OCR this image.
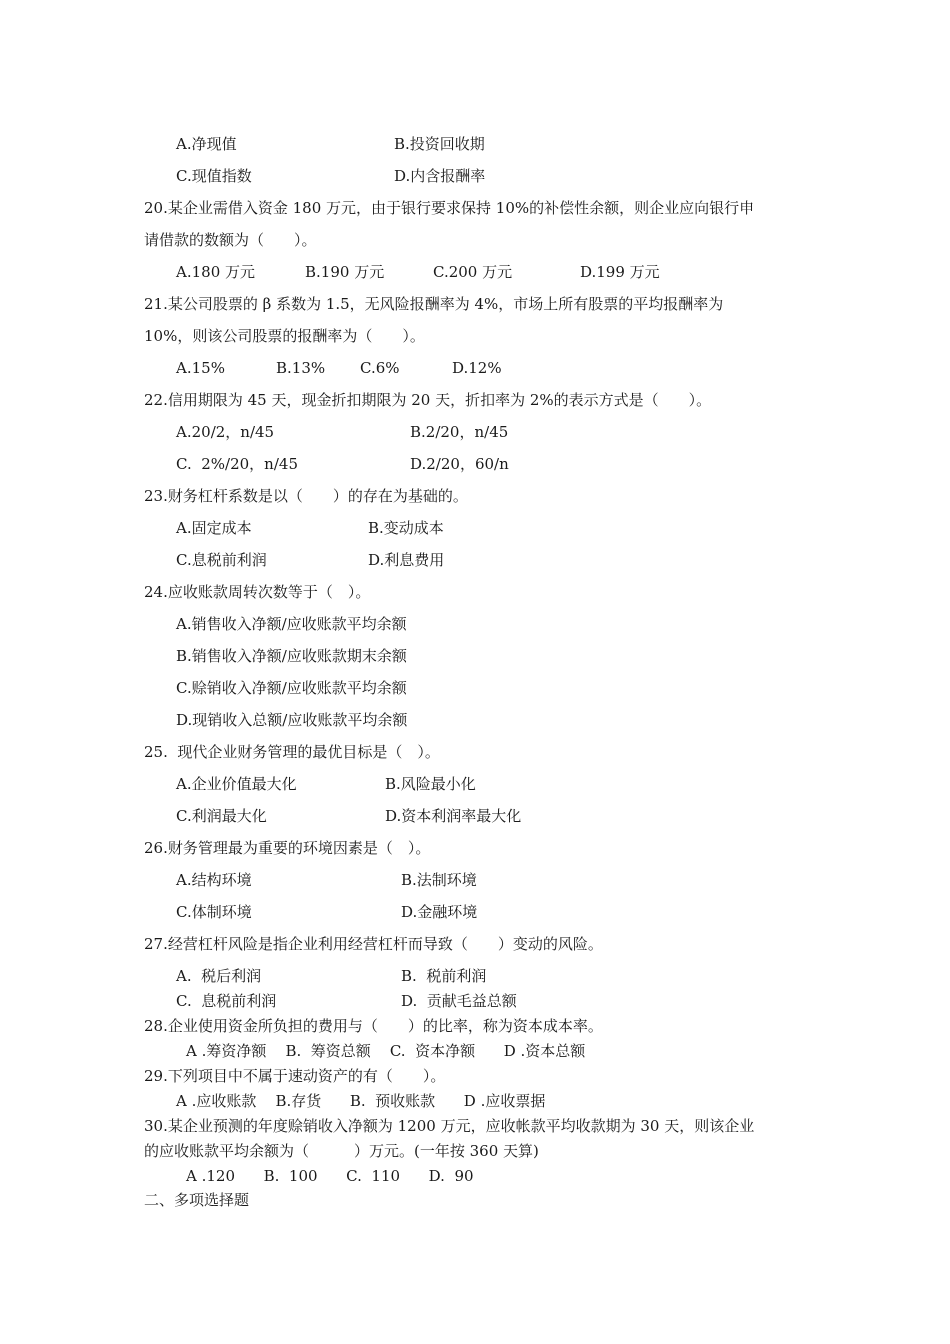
A.净现值	B.投资回收期

C.现值指数	D.内含报酬率

20.某企业需借入资金 180 万元，由于银行要求保持 10%的补偿性余额，则企业应向银行申

请借款的数额为（　　）。

A.180 万元	B.190 万元	C.200 万元	D.199 万元

21.某公司股票的 β 系数为 1.5，无风险报酬率为 4%，市场上所有股票的平均报酬率为

10%，则该公司股票的报酬率为（　　）。

A.15%	B.13% C.6%	D.12%

22.信用期限为 45 天，现金折扣期限为 20 天，折扣率为 2%的表示方式是（　　）。

A.20/2，n/45	B.2/20，n/45

C.  2%/20，n/45	D.2/20，60/n

23.财务杠杆系数是以（　　）的存在为基础的。

A.固定成本	B.变动成本

C.息税前利润	D.利息费用

24.应收账款周转次数等于（　）。

A.销售收入净额/应收账款平均余额

B.销售收入净额/应收账款期末余额

C.赊销收入净额/应收账款平均余额

D.现销收入总额/应收账款平均余额

25.  现代企业财务管理的最优目标是（　）。

A.企业价值最大化	B.风险最小化

C.利润最大化	D.资本利润率最大化

26.财务管理最为重要的环境因素是（　）。

A.结构环境	B.法制环境

C.体制环境	D.金融环境

27.经营杠杆风险是指企业利用经营杠杆而导致（　　）变动的风险。

A.  税后利润	B.  税前利润

C.  息税前利润	D.  贡献毛益总额

28.企业使用资金所负担的费用与（　　）的比率，称为资本成本率。

A .筹资净额    B.  筹资总额    C.  资本净额      D .资本总额

29.下列项目中不属于速动资产的有（　　）。

A .应收账款    B.存货      B.  预收账款      D .应收票据

30.某企业预测的年度赊销收入净额为 1200 万元，应收帐款平均收款期为 30 天，则该企业

的应收账款平均余额为（　　　）万元。(一年按 360 天算)

A .120      B.  100      C.  110      D.  90

二、多项选择题
